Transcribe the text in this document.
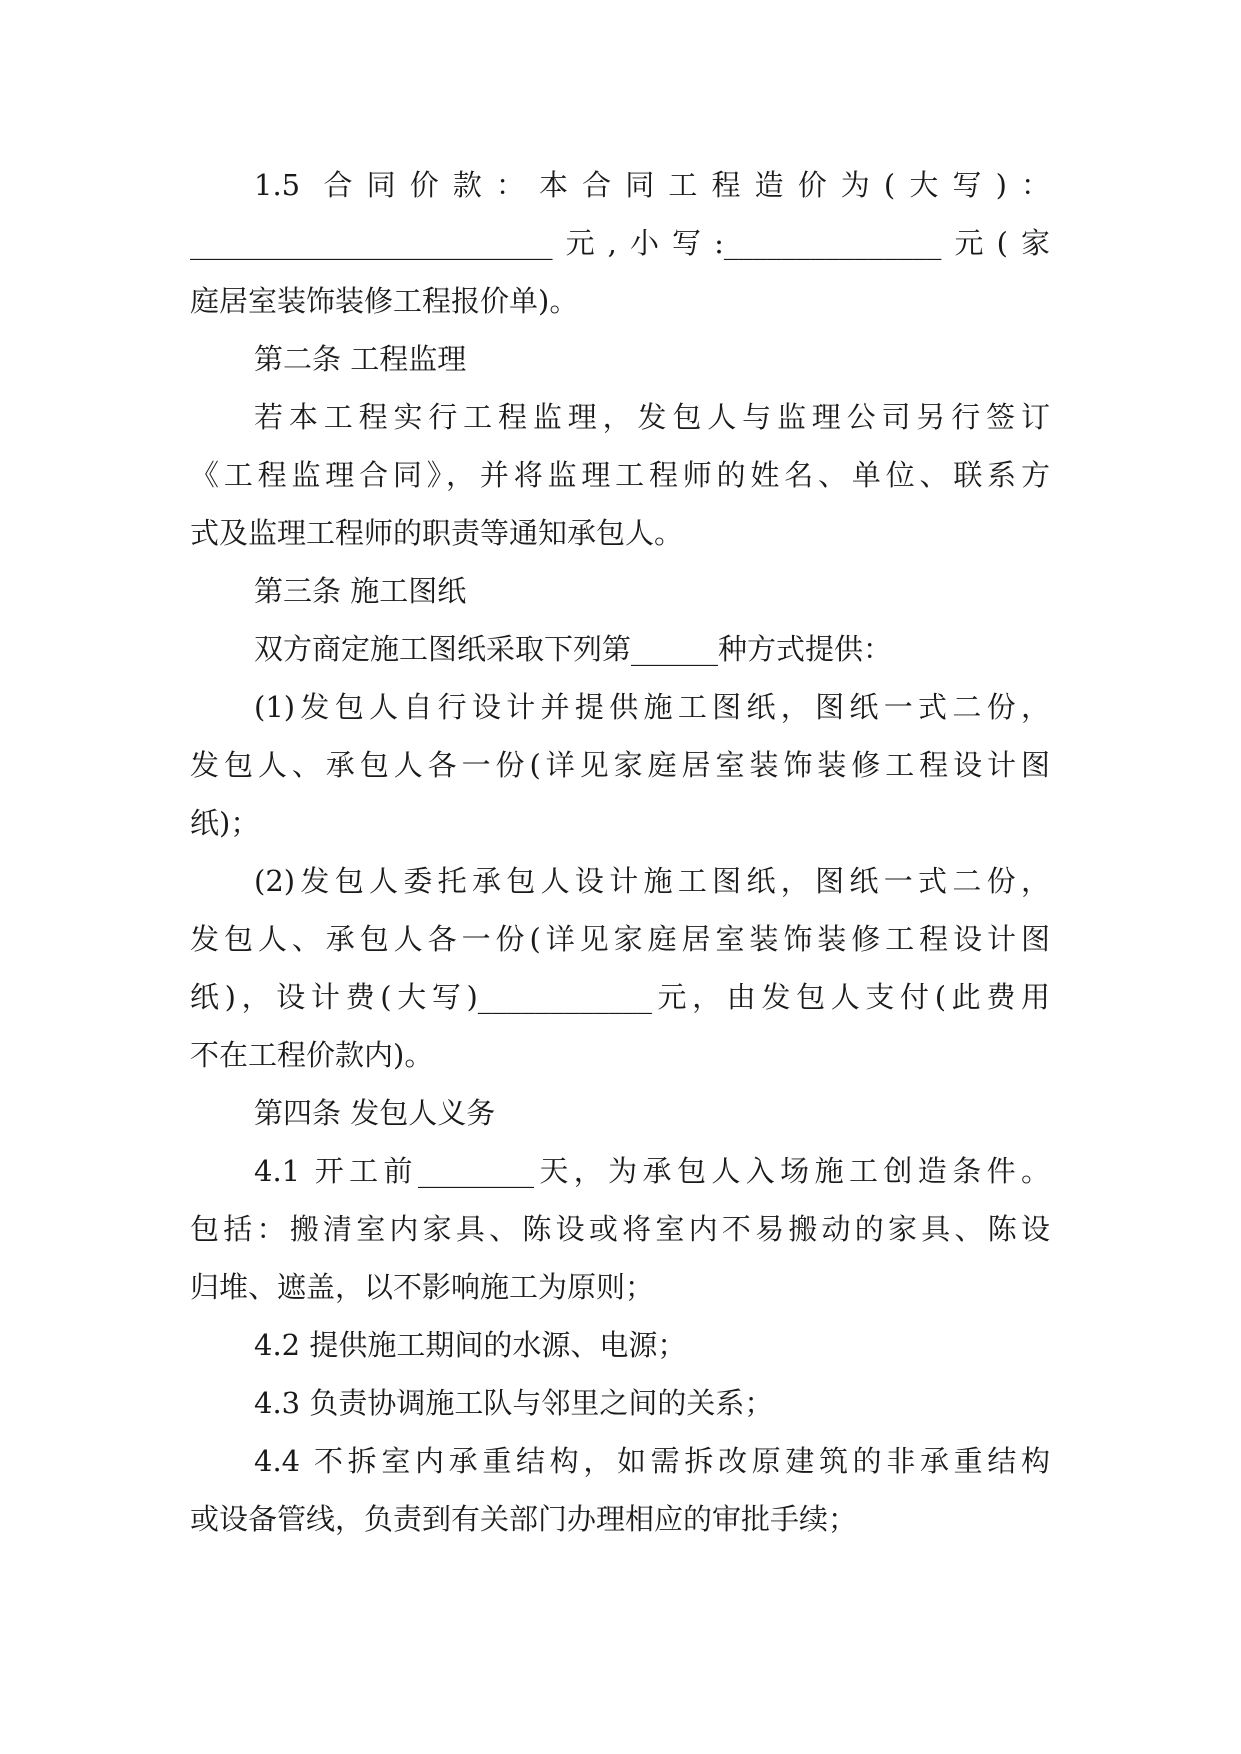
1.5 合同价款：本合同工程造价为(大写)：
_________________________元,小写:_______________元(家
庭居室装饰装修工程报价单)。
第二条 工程监理
若本工程实行工程监理，发包人与监理公司另行签订
《工程监理合同》，并将监理工程师的姓名、单位、联系方
式及监理工程师的职责等通知承包人。
第三条 施工图纸
双方商定施工图纸采取下列第______种方式提供：
(1)发包人自行设计并提供施工图纸，图纸一式二份，
发包人、承包人各一份(详见家庭居室装饰装修工程设计图
纸)；
(2)发包人委托承包人设计施工图纸，图纸一式二份，
发包人、承包人各一份(详见家庭居室装饰装修工程设计图
纸)，设计费(大写)____________元，由发包人支付(此费用
不在工程价款内)。
第四条 发包人义务
4.1 开工前________天，为承包人入场施工创造条件。
包括：搬清室内家具、陈设或将室内不易搬动的家具、陈设
归堆、遮盖，以不影响施工为原则；
4.2 提供施工期间的水源、电源；
4.3 负责协调施工队与邻里之间的关系；
4.4 不拆室内承重结构，如需拆改原建筑的非承重结构
或设备管线，负责到有关部门办理相应的审批手续；
